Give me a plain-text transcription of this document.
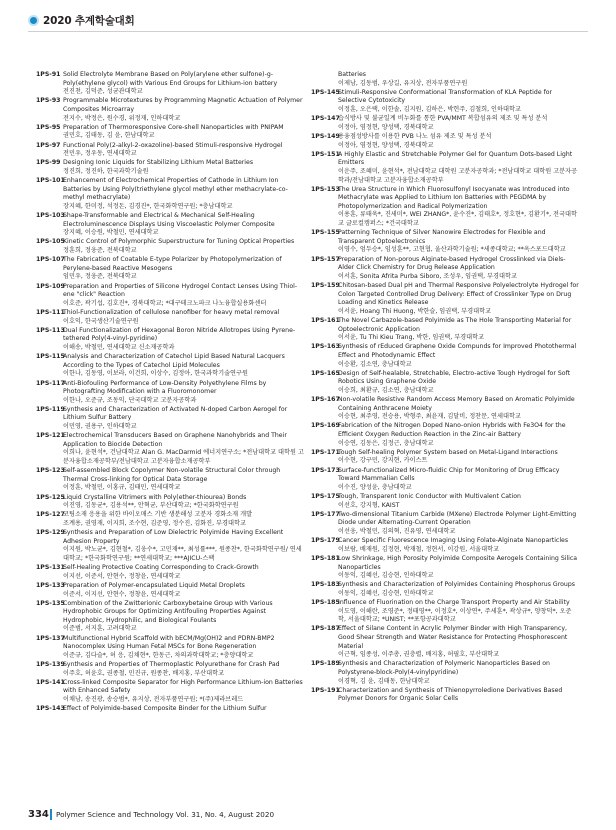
2020 추계학술대회
1PS-91 Solid Electrolyte Membrane Based on Poly(arylene ether sulfone)-g-Poly(ethylene glycol) with Various End Groups for Lithium-ion battery
전진천, 김덕준, 성균관대학교
1PS-93 Programmable Microtextures by Programming Magnetic Actuation of Polymer Composites Microarray
전지수, 박정은, 원수경, 위정재, 인하대학교
1PS-95 Preparation of Thermoresponsive Core-shell Nanoparticles with PNIPAM
권민호, 김태동, 김 윤, 한남대학교
1PS-97 Functional Poly(2-alkyl-2-oxazoline)-based Stimuli-responsive Hydrogel
전민우, 정우동, 연세대학교
1PS-99 Designing Ionic Liquids for Stabilizing Lithium Metal Batteries
정진희, 정진하, 한국과학기술원
1PS-101
Enhancement of Electrochemical Properties of Cathode in Lithium Ion Batteries by Using Poly(triethylene glycol methyl ether methacrylate-co-methyl methacrylate)
장지혜, 한미정, 석정돈, 김경진*, 한국화학연구원; *충남대학교
1PS-103
Shape-Transformable and Electrical & Mechanical Self-Healing Electroluminescence Displays Using Viscoelastic Polymer Composite
장지혜, 이승원, 박철민, 연세대학교
1PS-105
Kinetic Control of Polymorphic Superstructure for Tuning Optical Properties
정훈희, 정웅준, 전북대학교
1PS-107
The Fabrication of Coatable E-type Polarizer by Photopolymerization of Perylene-based Reactive Mesogens
임민우, 정웅준, 전북대학교
1PS-109
Preparation and Properties of Silicone Hydrogel Contact Lenses Using Thiol-ene "click" Reaction
이호준, 곽기섭, 김호진*, 경북대학교; *대구테크노파크 나노융합실용화센터
1PS-111
Thiol-Functionalization of cellulose nanofiber for heavy metal removal
이호익, 한국생산기술연구원
1PS-113
Dual Functionalization of Hexagonal Boron Nitride Allotropes Using Pyrene-tethered Poly(4-vinyl-pyridine)
이해송, 박철민, 연세대학교 신소재공학과
1PS-115
Analysis and Characterization of Catechol Lipid Based Natural Lacquers According to the Types of Catechol Lipid Molecules
이한나, 김동영, 이보라, 이건희, 이상수, 김정아, 한국과학기술연구원
1PS-117
Anti-Biofouling Performance of Low-Density Polyethylene Films by Photografting Modification with a Fluoromonomer
이한나, 오준규, 조동익, 단국대학교 고분자공학과
1PS-119
Synthesis and Characterization of Activated N-doped Carbon Aerogel for Lithium Sulfur Battery
이민영, 권용구, 인하대학교
1PS-121
Electrochemical Transducers Based on Graphene Nanohybrids and Their Application to Biocide Detection
이희나, 윤현석*, 건남대학교 Alan G. MacDarmid 에너지연구소; *전남대학교 대학원 고분자융합소재공학부/전남대학교 고분자융합소재공학부
1PS-123
Self-assembled Block Copolymer Non-volatile Structural Color through Thermal Cross-linking for Optical Data Storage
이정훈, 박철민, 이홍규, 김태민, 연세대학교
1PS-125
Liquid Crystalline Vitrimers with Poly(ether-thiourea) Bonds
이진영, 김동균*, 김용석**, 안혁균, 부산대학교; *한국화학연구원
1PS-127
코팅소재 응용을 위한 바이오매스 기반 생분해성 고분자 경화소재 개발
조계용, 권영재, 이지희, 조수현, 김준영, 정수진, 김화진, 부경대학교
1PS-129
Synthesis and Preparation of Low Dielectric Polyimide Having Excellent Adhesion Property
이지원, 박노균*, 김현철*, 김웅수*, 고민재**, 최성률***, 원종찬*, 한국화학연구원/ 연세대학교; *한국화학연구원; **연세대학교; ***AJICU-스팩
1PS-131
Self-Healing Protective Coating Corresponding to Crack-Growth
이지선, 이준서, 안현수, 정창윤, 연세대학교
1PS-133
Preparation of Polymer-encapsulated Liquid Metal Droplets
이준서, 이지선, 안현수, 정창윤, 연세대학교
1PS-135
Combination of the Zwitterionic Carboxybetaine Group with Various Hydrophobic Groups for Optimizing Antifouling Properties Against Hydrophobic, Hydrophilic, and Biological Foulants
이준범, 서지훈, 고려대학교
1PS-137
Multifunctional Hybrid Scaffold with bECM/Mg(OH)2 and PDRN-BMP2 Nanocomplex Using Human Fetal MSCs for Bone Regeneration
이준규, 김다슬*, 허 응, 김채현*, 한동근, 차의과학대학교; *충양대학교
1PS-139
Synthesis and Properties of Thermoplastic Polyurethane for Crash Pad
이주호, 허윤호, 권종철, 민진규, 원종찬, 배지홍, 부산대학교
1PS-141
Cross-linked Composite Separator for High Performance Lithium-ion Batteries with Enhanced Safety
이채남, 송진광, 송승범*, 유지상, 전자부품연구원; *(주)제라브레드
1PS-143
Effect of Polyimide-based Composite Binder for the Lithium Sulfur
Batteries
이제남, 김동범, 우상길, 유지상, 전자부품연구원
1PS-145
Stimuli-Responsive Conformational Transformation of KLA Peptide for Selective Cytotoxicity
이정훈, 오은택, 이한솔, 김지원, 김하은, 박헌주, 김철희, 인하대학교
1PS-147
습식방사 및 불균일계 비누화를 통한 PVA/MMT 복합섬유의 제조 및 특성 분석
이정아, 염정현, 양성택, 경북대학교
1PS-149
용융점성방사를 이용한 PVB 나노 섬유 제조 및 특성 분석
이정아, 염정현, 양성택, 경북대학교
1PS-151
A Highly Elastic and Stretchable Polymer Gel for Quantum Dots-based Light Emitters
이운주, 조혜미, 윤현석*, 전남대학교 대학원 고분자공학과; *전남대학교 대학원 고분자공학과/전남대학교 고분자융합소재공학부
1PS-153
The Urea Structure in Which Fluorosulfonyl Isocyanate was Introduced into Methacrylate was Applied to Lithium Ion Batteries with PEGDMA by Photopolymerization and Radical Polymerization
이용훈, 류태욱*, 진세미*, WEI ZHANG*, 윤수진*, 김태호*, 정호현*, 김환기*, 전국대학교 글로컬캠퍼스; *건국대학교
1PS-155
Patterning Technique of Silver Nanowire Electrodes for Flexible and Transparent Optoelectronics
이영수, 엄두승*, 임성훈**, 고현협, 울산과학기술원; *세종대학교; **옥스포드대학교
1PS-157
Preparation of Non-porous Alginate-based Hydrogel Crosslinked via Diels-Alder Click Chemistry for Drug Release Application
이서훈, Sonita Afrita Purba Siboro, 조성우, 임권택, 부경대학교
1PS-159
Chitosan-based Dual pH and Thermal Responsive Polyelectrolyte Hydrogel for Colon Targeted Controlled Drug Delivery: Effect of Crosslinker Type on Drug Loading and Kinetics Release
이서윤, Hoang Thi Huong, 박한슬, 임권택, 부경대학교
1PS-161
The Novel Carbazole-based Polyimide as The Hole Transporting Material for Optoelectronic Application
이서윤, Tu Thi Kieu Trang, 박한, 임권택, 부경대학교
1PS-163
Synthesis of rEduced Graphene Oxide Compunds for Improved Photothermal Effect and Photodynamic Effect
이승환, 김소연, 충남대학교
1PS-165
Design of Self-healable, Stretchable, Electro-active Tough Hydrogel for Soft Robotics Using Graphene Oxide
이승희, 최환규, 김소연, 충남대학교
1PS-167
Non-volatile Resistive Random Access Memory Based on Aromatic Polyimide Containing Anthracene Moiety
이승현, 최주영, 전승용, 박형주, 최윤재, 김달비, 정찬문, 연세대학교
1PS-169
Fabrication of the Nitrogen Doped Nano-onion Hybrids with Fe3O4 for the Efficient Oxygen Reduction Reaction in the Zinc-air Battery
이승연, 김동은, 김정근, 충남대학교
1PS-171
Tough Self-healing Polymer System based on Metal-Ligand Interactions
이수현, 강구민, 강지현, 카이스트
1PS-173
Surface-functionalized Micro-fluidic Chip for Monitoring of Drug Efficacy Toward Mammalian Cells
이수진, 양성윤, 충남대학교
1PS-175
Tough, Transparent Ionic Conductor with Multivalent Cation
이선호, 강지형, KAIST
1PS-177
Two-dimensional Titanium Carbide (MXene) Electrode Polymer Light-Emitting Diode under Alternating-Current Operation
이선웅, 박철민, 김의혁, 진유영, 연세대학교
1PS-179
Cancer Specific Fluorescence Imaging Using Folate-Alginate Nanoparticles
이보람, 배재원, 김정현, 박재철, 정현서, 이강원, 서울대학교
1PS-181
Low Shrinkage, High Porosity Polyimide Composite Aerogels Containing Silica Nanoparticles
이동익, 김혜선, 김승현, 인하대학교
1PS-183
Synthesis and Characterization of Polyimides Containing Phosphorus Groups
이동익, 김혜선, 김승현, 인하대학교
1PS-185
Influence of Fluorination on the Charge Transport Property and Air Stability
이도영, 이해란, 조영준*, 정태영**, 이정호*, 이상연*, 주세훈*, 곽상규*, 양창덕*, 오준학, 서울대학교; *UNIST; **포항공과대학교
1PS-187
Effect of Silane Content in Acrylic Polymer Binder with High Transparency, Good Shear Strength and Water Resistance for Protecting Phosphorescent Material
이근혁, 임종성, 이주총, 권충렬, 배지홍, 허필호, 부산대학교
1PS-189
Synthesis and Characterization of Polymeric Nanoparticles Based on Polystyrene-block-Poly(4-vinylpyridine)
이경혁, 김 윤, 김태동, 한남대학교
1PS-191
Characterization and Synthesis of Thienopyrroledione Derivatives Based Polymer Donors for Organic Solar Cells
334 Polymer Science and Technology Vol. 31, No. 4, August 2020
